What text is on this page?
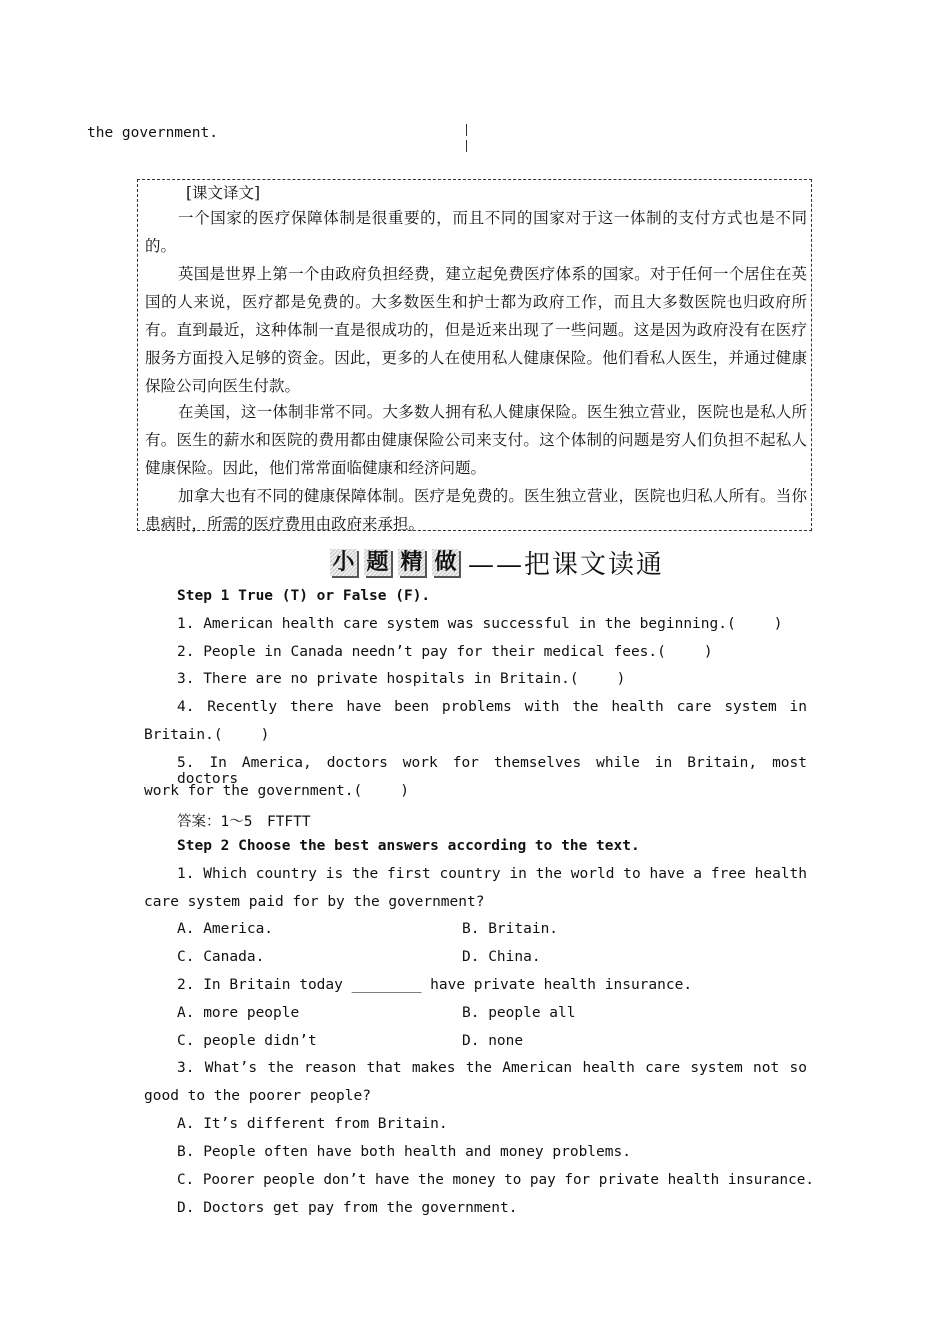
the government.
[课文译文]

一个国家的医疗保障体制是很重要的，而且不同的国家对于这一体制的支付方式也是不同的。

英国是世界上第一个由政府负担经费，建立起免费医疗体系的国家。对于任何一个居住在英国的人来说，医疗都是免费的。大多数医生和护士都为政府工作，而且大多数医院也归政府所有。直到最近，这种体制一直是很成功的，但是近来出现了一些问题。这是因为政府没有在医疗服务方面投入足够的资金。因此，更多的人在使用私人健康保险。他们看私人医生，并通过健康保险公司向医生付款。

在美国，这一体制非常不同。大多数人拥有私人健康保险。医生独立营业，医院也是私人所有。医生的薪水和医院的费用都由健康保险公司来支付。这个体制的问题是穷人们负担不起私人健康保险。因此，他们常常面临健康和经济问题。

加拿大也有不同的健康保障体制。医疗是免费的。医生独立营业，医院也归私人所有。当你患病时，所需的医疗费用由政府来承担。

小 题 精 做 ——把课文读通
Step 1 True (T) or False (F).
1. American health care system was successful in the beginning.(	)
2. People in Canada needn’t pay for their medical fees.(	)
3. There are no private hospitals in Britain.(	)
4. Recently there have been problems with the health care system in
Britain.(	)
5. In America, doctors work for themselves while in Britain, most doctors
work for the government.(	)
答案：1～5　FTFTT
Step 2 Choose the best answers according to the text.
1. Which country is the first country in the world to have a free health
care system paid for by the government?
A. America.	B. Britain.
C. Canada.	D. China.
2. In Britain today ________ have private health insurance.
A. more people	B. people all
C. people didn’t	D. none
3. What’s the reason that makes the American health care system not so
good to the poorer people?
A. It’s different from Britain.
B. People often have both health and money problems.
C. Poorer people don’t have the money to pay for private health insurance.
D. Doctors get pay from the government.
